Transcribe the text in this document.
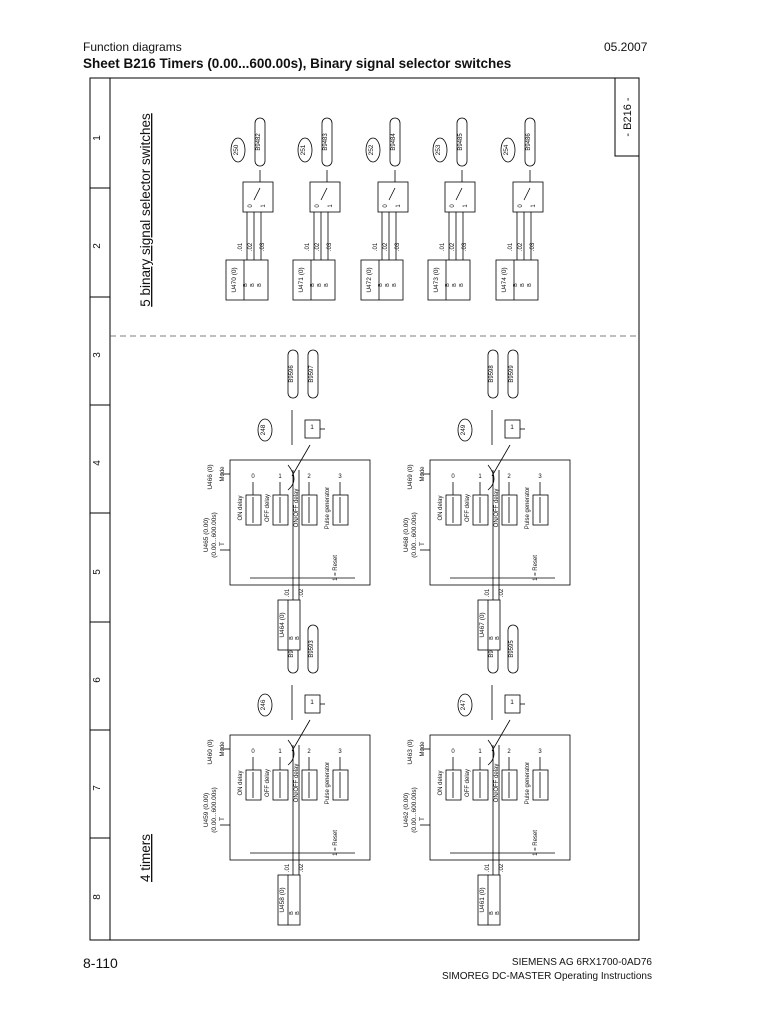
Function diagrams	05.2007
Sheet B216 Timers (0.00...600.00s), Binary signal selector switches
1
2
3
4
5
6
7
8
- B216 -
5 binary signal selector switches
4 timers
U458 (0)
B B
.01 .02
U459 (0.00) (0.00...600.00s) T
U460 (0) Mode
ON delay
0
OFF delay
1
ON/OFF delay
2
Pulse generator
3
1 = Reset
1
B9593
246
U461 (0)
B B
.01 .02
U462 (0.00) (0.00...600.00s) T
U463 (0) Mode
ON delay
0
OFF delay
1
ON/OFF delay
2
Pulse generator
3
1 = Reset
1
B9595
247
U464 (0)
B B
.01 .02
U465 (0.00) (0.00...600.00s) T
U466 (0) Mode
ON delay
0
OFF delay
1
ON/OFF delay
2
Pulse generator
3
1 = Reset
1
B9596 B9597
248
U467 (0)
B B
.01 .02
U468 (0.00) (0.00...600.00s) T
U469 (0) Mode
ON delay
0
OFF delay
1
ON/OFF delay
2
Pulse generator
3
1 = Reset
1
B9598 B9599
249
U470 (0) B B B
.01 .02 .03
0 1
250	B9482
U471 (0) B B B
.01 .02 .03
0 1
251	B9483
U472 (0) B B B
.01 .02 .03
0 1
252	B9484
U473 (0) B B B
.01 .02 .03
0 1
253	B9485
U474 (0) B B B
.01 .02 .03
0 1
254	B9486
8-110	SIEMENS AG 6RX1700-0AD76
SIMOREG DC-MASTER Operating Instructions
